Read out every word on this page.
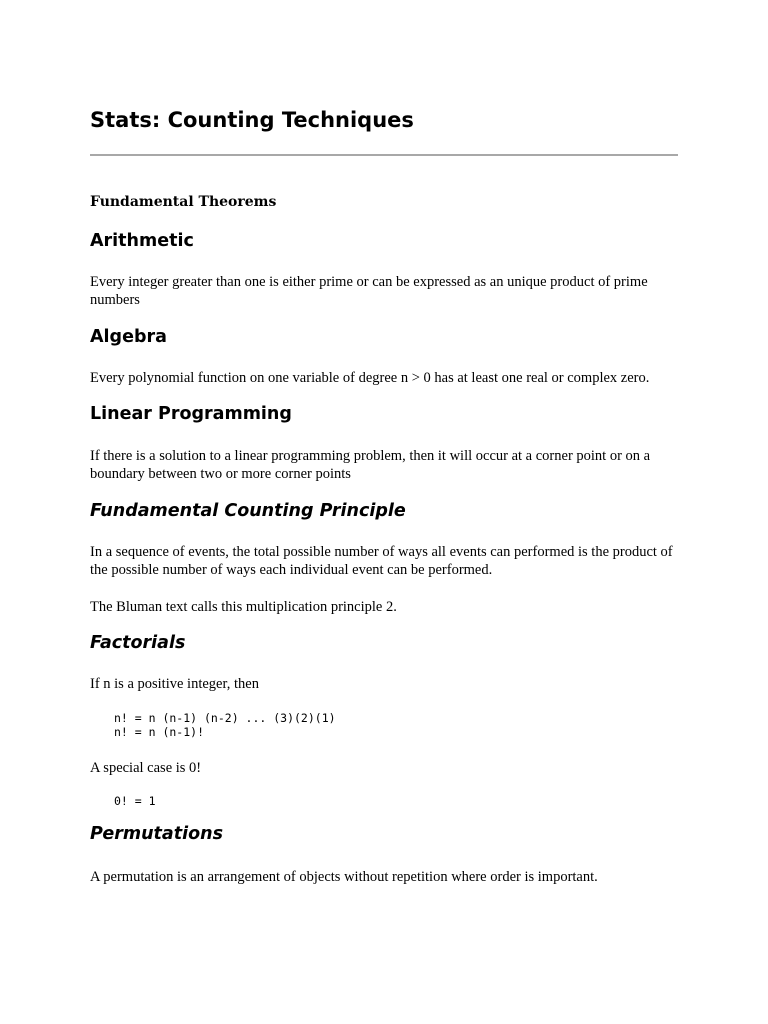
Stats: Counting Techniques
Fundamental Theorems
Arithmetic

Every integer greater than one is either prime or can be expressed as an unique product of prime numbers

Algebra

Every polynomial function on one variable of degree n > 0 has at least one real or complex zero.

Linear Programming

If there is a solution to a linear programming problem, then it will occur at a corner point or on a boundary between two or more corner points

Fundamental Counting Principle

In a sequence of events, the total possible number of ways all events can performed is the product of the possible number of ways each individual event can be performed.

The Bluman text calls this multiplication principle 2.

Factorials

If n is a positive integer, then

n! = n (n-1) (n-2) ... (3)(2)(1)
n! = n (n-1)!

A special case is 0!

0! = 1
Permutations

A permutation is an arrangement of objects without repetition where order is important.
